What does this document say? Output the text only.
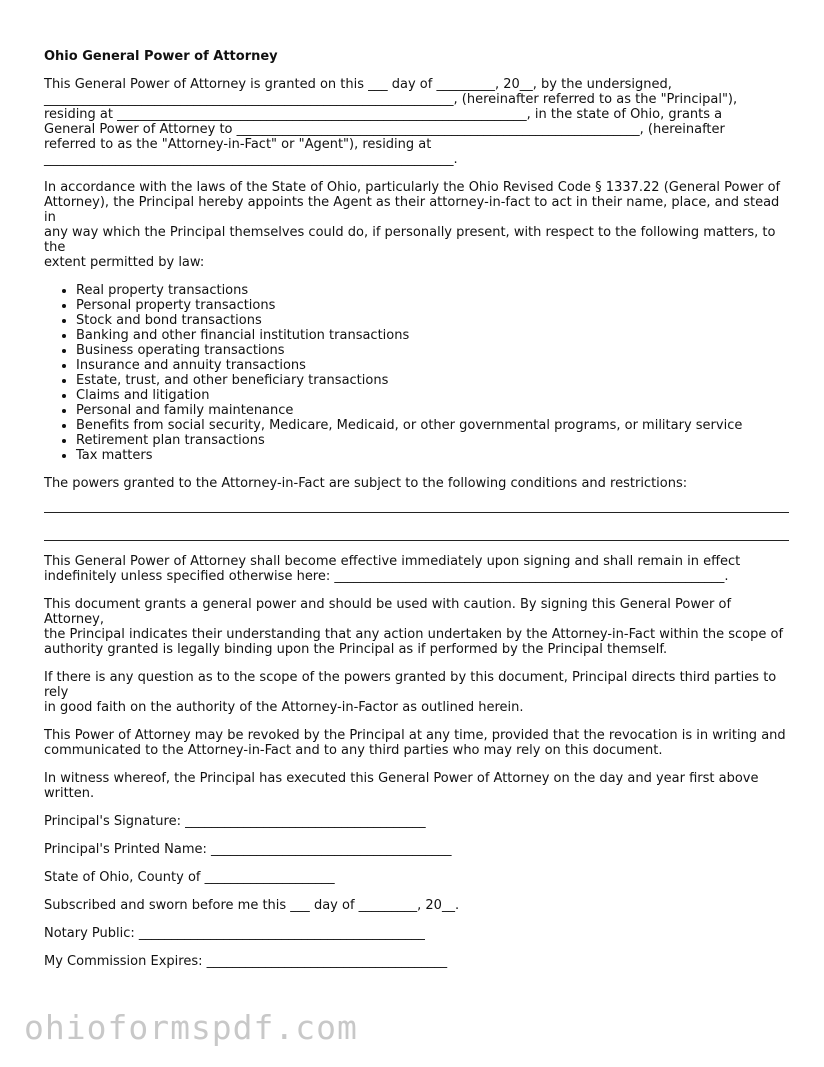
Ohio General Power of Attorney
This General Power of Attorney is granted on this ___ day of _________, 20__, by the undersigned,
_______________________________________________________________, (hereinafter referred to as the "Principal"),
residing at _______________________________________________________________, in the state of Ohio, grants a
General Power of Attorney to ______________________________________________________________, (hereinafter
referred to as the "Attorney-in-Fact" or "Agent"), residing at
_______________________________________________________________.
In accordance with the laws of the State of Ohio, particularly the Ohio Revised Code § 1337.22 (General Power of
Attorney), the Principal hereby appoints the Agent as their attorney-in-fact to act in their name, place, and stead in
any way which the Principal themselves could do, if personally present, with respect to the following matters, to the
extent permitted by law:
• Real property transactions
• Personal property transactions
• Stock and bond transactions
• Banking and other financial institution transactions
• Business operating transactions
• Insurance and annuity transactions
• Estate, trust, and other beneficiary transactions
• Claims and litigation
• Personal and family maintenance
• Benefits from social security, Medicare, Medicaid, or other governmental programs, or military service
• Retirement plan transactions
• Tax matters
The powers granted to the Attorney-in-Fact are subject to the following conditions and restrictions:
This General Power of Attorney shall become effective immediately upon signing and shall remain in effect
indefinitely unless specified otherwise here: ____________________________________________________________.
This document grants a general power and should be used with caution. By signing this General Power of Attorney,
the Principal indicates their understanding that any action undertaken by the Attorney-in-Fact within the scope of
authority granted is legally binding upon the Principal as if performed by the Principal themself.
If there is any question as to the scope of the powers granted by this document, Principal directs third parties to rely
in good faith on the authority of the Attorney-in-Factor as outlined herein.
This Power of Attorney may be revoked by the Principal at any time, provided that the revocation is in writing and
communicated to the Attorney-in-Fact and to any third parties who may rely on this document.
In witness whereof, the Principal has executed this General Power of Attorney on the day and year first above
written.
Principal's Signature: _____________________________________
Principal's Printed Name: _____________________________________
State of Ohio, County of ____________________
Subscribed and sworn before me this ___ day of _________, 20__.
Notary Public: ____________________________________________
My Commission Expires: _____________________________________
ohioformspdf.com
